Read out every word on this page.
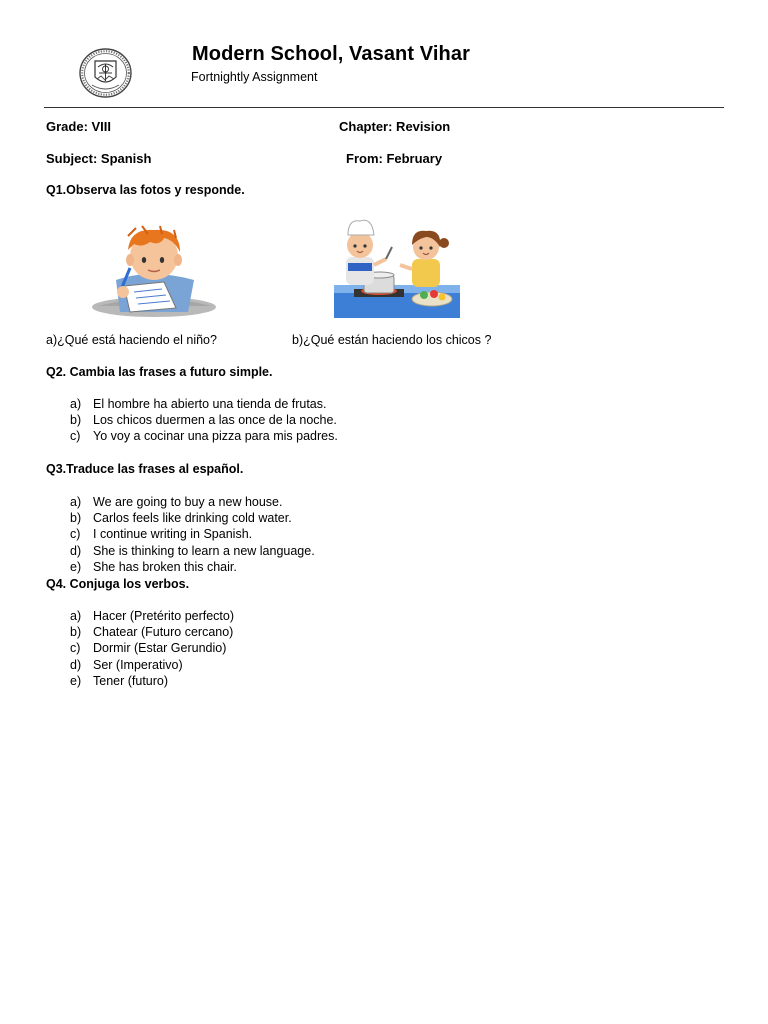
Modern School, Vasant Vihar
Fortnightly Assignment
Grade: VIII	Chapter: Revision
Subject: Spanish	From: February
Q1.Observa las fotos y responde.
a)¿Qué está haciendo el niño?	b)¿Qué están haciendo los chicos ?
Q2. Cambia las frases a futuro simple.
a) El hombre ha abierto una tienda de frutas.
b) Los chicos duermen a las once de la noche.
c) Yo voy a cocinar una pizza para mis padres.
Q3.Traduce las frases al español.
a) We are going to buy a new house.
b) Carlos feels like drinking cold water.
c) I continue writing in Spanish.
d) She is thinking to learn a new language.
e) She has broken this chair.
Q4. Conjuga los verbos.
a) Hacer (Pretérito perfecto)
b) Chatear (Futuro cercano)
c) Dormir (Estar Gerundio)
d) Ser (Imperativo)
e) Tener (futuro)
